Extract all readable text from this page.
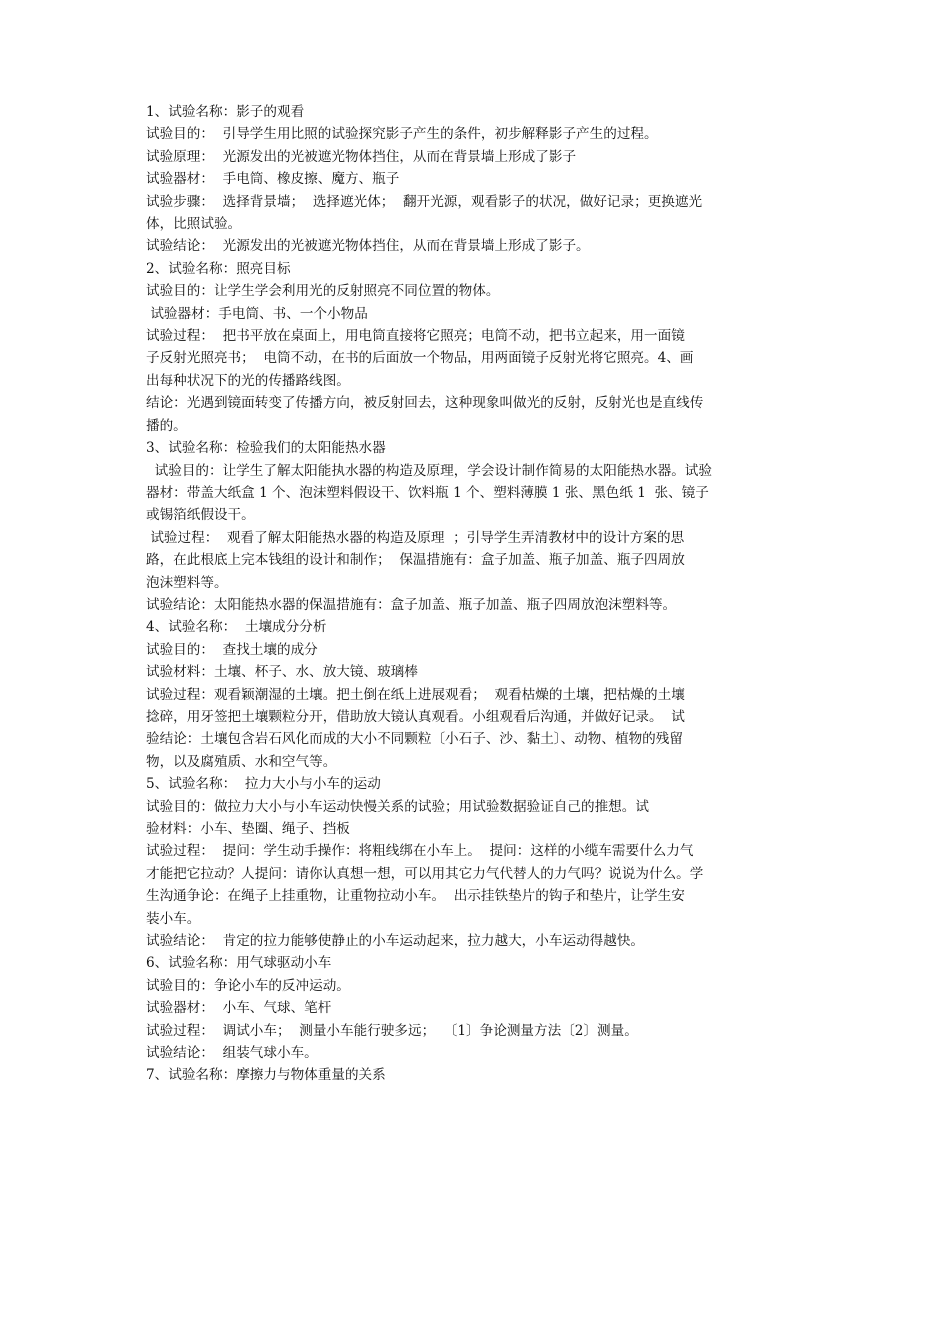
1、试验名称：影子的观看

试验目的：  引导学生用比照的试验探究影子产生的条件，初步解释影子产生的过程。

试验原理：  光源发出的光被遮光物体挡住，从而在背景墙上形成了影子

试验器材：  手电筒、橡皮擦、魔方、瓶子

试验步骤：  选择背景墙；  选择遮光体；  翻开光源，观看影子的状况，做好记录；更换遮光

体，比照试验。

试验结论：  光源发出的光被遮光物体挡住，从而在背景墙上形成了影子。

2、试验名称：照亮目标

试验目的：让学生学会利用光的反射照亮不同位置的物体。

试验器材：手电筒、书、一个小物品

试验过程：  把书平放在桌面上，用电筒直接将它照亮；电筒不动，把书立起来，用一面镜

子反射光照亮书；  电筒不动，在书的后面放一个物品，用两面镜子反射光将它照亮。4、画

出每种状况下的光的传播路线图。

结论：光遇到镜面转变了传播方向，被反射回去，这种现象叫做光的反射，反射光也是直线传

播的。

3、试验名称：检验我们的太阳能热水器

试验目的：让学生了解太阳能执水器的构造及原理，学会设计制作简易的太阳能热水器。试验

器材：带盖大纸盒 1 个、泡沫塑料假设干、饮料瓶 1 个、塑料薄膜 1 张、黑色纸 1  张、镜子

或锡箔纸假设干。

试验过程：  观看了解太阳能热水器的构造及原理  ；引导学生弄清教材中的设计方案的思

路，在此根底上完本钱组的设计和制作；  保温措施有：盒子加盖、瓶子加盖、瓶子四周放

泡沫塑料等。

试验结论：太阳能热水器的保温措施有：盒子加盖、瓶子加盖、瓶子四周放泡沫塑料等。

4、试验名称：  土壤成分分析

试验目的：  查找土壤的成分

试验材料：土壤、杯子、水、放大镜、玻璃棒

试验过程：观看颖潮湿的土壤。把土倒在纸上进展观看；  观看枯燥的土壤，把枯燥的土壤

捻碎，用牙签把土壤颗粒分开，借助放大镜认真观看。小组观看后沟通，并做好记录。  试

验结论：土壤包含岩石风化而成的大小不同颗粒〔小石子、沙、黏土〕、动物、植物的残留

物，以及腐殖质、水和空气等。

5、试验名称：  拉力大小与小车的运动

试验目的：做拉力大小与小车运动快慢关系的试验；用试验数据验证自己的推想。试

验材料：小车、垫圈、绳子、挡板

试验过程：  提问：学生动手操作：将粗线绑在小车上。  提问：这样的小缆车需要什么力气

才能把它拉动？人提问：请你认真想一想，可以用其它力气代替人的力气吗？说说为什么。学

生沟通争论：在绳子上挂重物，让重物拉动小车。  出示挂铁垫片的钩子和垫片，让学生安

装小车。

试验结论：  肯定的拉力能够使静止的小车运动起来，拉力越大，小车运动得越快。

6、试验名称：用气球驱动小车

试验目的：争论小车的反冲运动。

试验器材：  小车、气球、笔杆

试验过程：  调试小车；  测量小车能行驶多远；  〔1〕争论测量方法〔2〕测量。

试验结论：  组装气球小车。

7、试验名称：摩擦力与物体重量的关系
